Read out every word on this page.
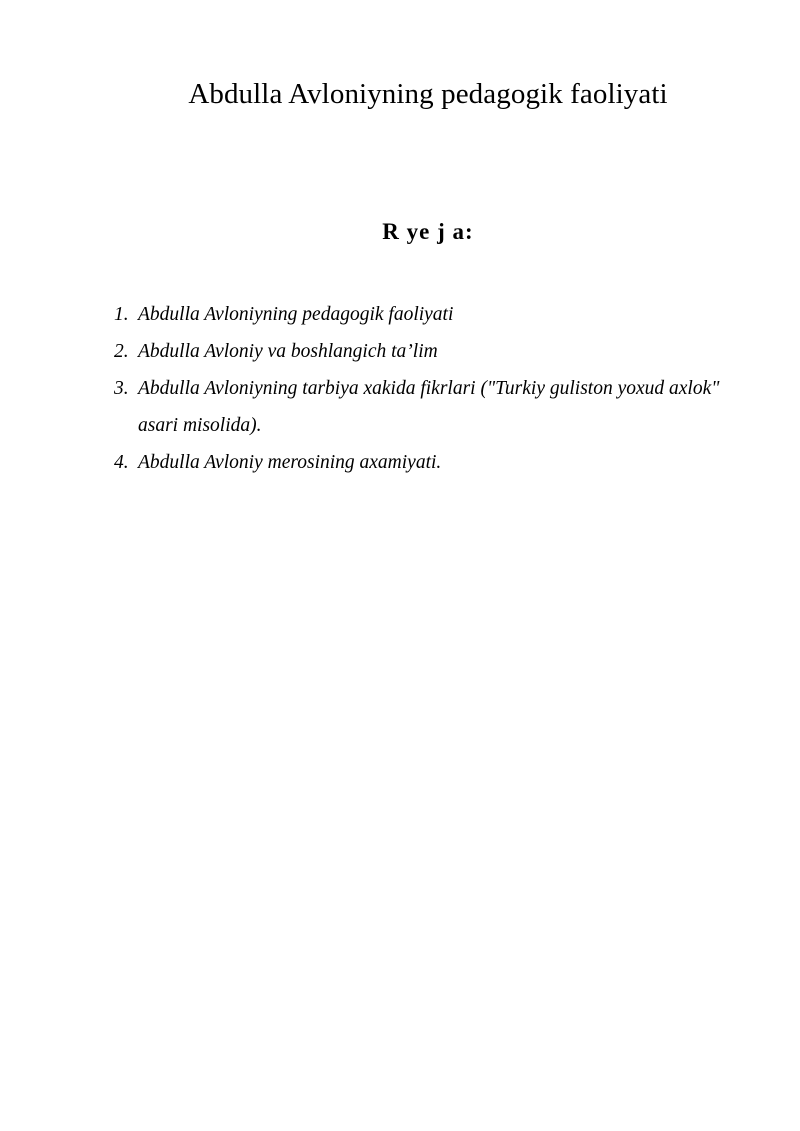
Abdulla Avloniyning pedagogik faoliyati
R ye j a:
1. Abdulla Avloniyning pedagogik faoliyati
2. Abdulla Avloniy va boshlangich ta’lim
3. Abdulla Avloniyning tarbiya xakida fikrlari ("Turkiy guliston yoxud axlok" asari misolida).
4. Abdulla Avloniy merosining axamiyati.
